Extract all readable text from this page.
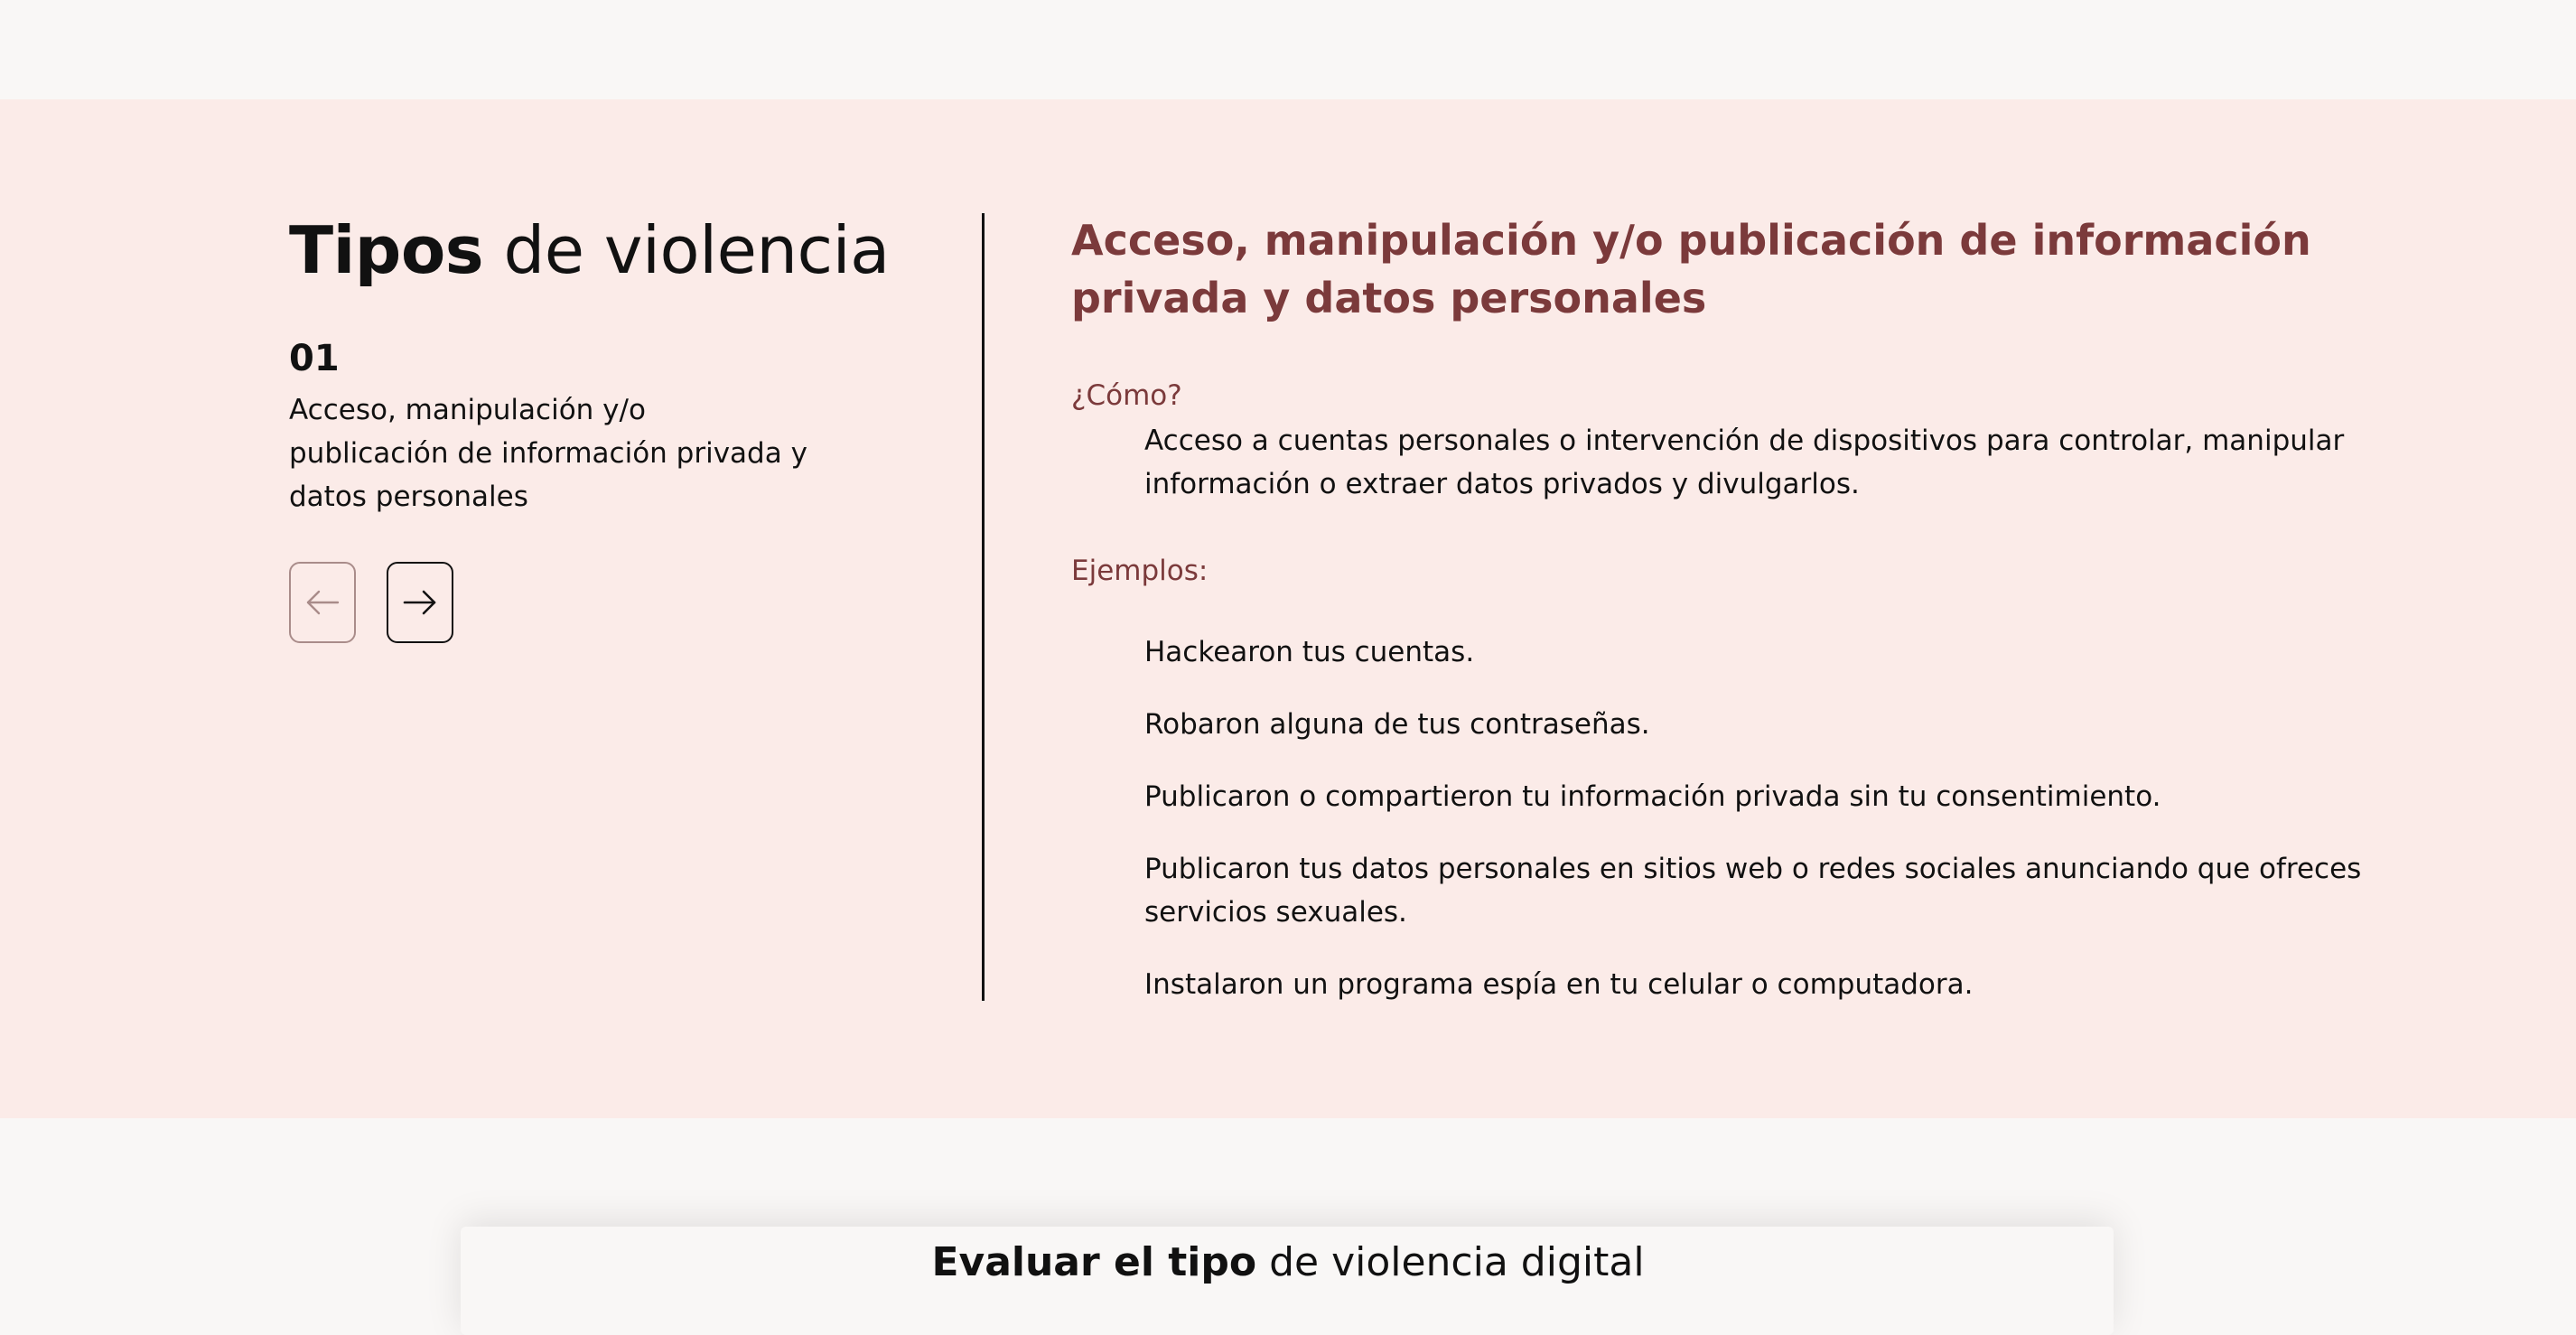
Tipos de violencia
01
Acceso, manipulación y/o publicación de información privada y datos personales
Acceso, manipulación y/o publicación de información privada y datos personales
¿Cómo?

Acceso a cuentas personales o intervención de dispositivos para controlar, manipular información o extraer datos privados y divulgarlos.

Ejemplos:
Hackearon tus cuentas.
Robaron alguna de tus contraseñas.
Publicaron o compartieron tu información privada sin tu consentimiento.
Publicaron tus datos personales en sitios web o redes sociales anunciando que ofreces servicios sexuales.
Instalaron un programa espía en tu celular o computadora.
Evaluar el tipo de violencia digital
